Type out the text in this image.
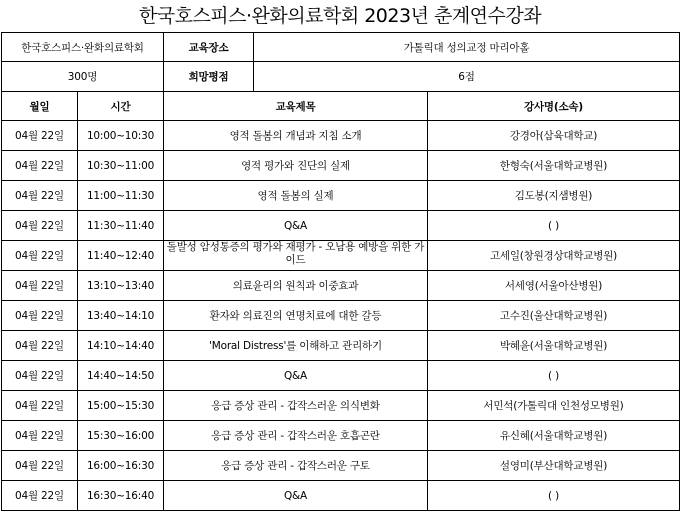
한국호스피스·완화의료학회 2023년 춘계연수강좌
한국호스피스·완화의료학회		교육장소	가톨릭대 성의교정 마리아홀	
300명		희망평점	6점	
월일	시간	교육제목		강사명(소속)
04월 22일	10:00~10:30	영적 돌봄의 개념과 지침 소개		강경아(삼육대학교)
04월 22일	10:30~11:00	영적 평가와 진단의 실제		한형숙(서울대학교병원)
04월 22일	11:00~11:30	영적 돌봄의 실제		김도봉(지샘병원)
04월 22일	11:30~11:40	Q&A		( )
04월 22일	11:40~12:40	돌발성 암성통증의 평가와 재평가 - 오남용 예방을 위한 가이드		고세일(창원경상대학교병원)
04월 22일	13:10~13:40	의료윤리의 원칙과 이중효과		서세영(서울아산병원)
04월 22일	13:40~14:10	환자와 의료진의 연명치료에 대한 갈등		고수진(울산대학교병원)
04월 22일	14:10~14:40	'Moral Distress'를 이해하고 관리하기		박혜윤(서울대학교병원)
04월 22일	14:40~14:50	Q&A		( )
04월 22일	15:00~15:30	응급 증상 관리 - 갑작스러운 의식변화		서민석(가톨릭대 인천성모병원)
04월 22일	15:30~16:00	응급 증상 관리 - 갑작스러운 호흡곤란		유신혜(서울대학교병원)
04월 22일	16:00~16:30	응급 증상 관리 - 갑작스러운 구토		설영미(부산대학교병원)
04월 22일	16:30~16:40	Q&A		( )
